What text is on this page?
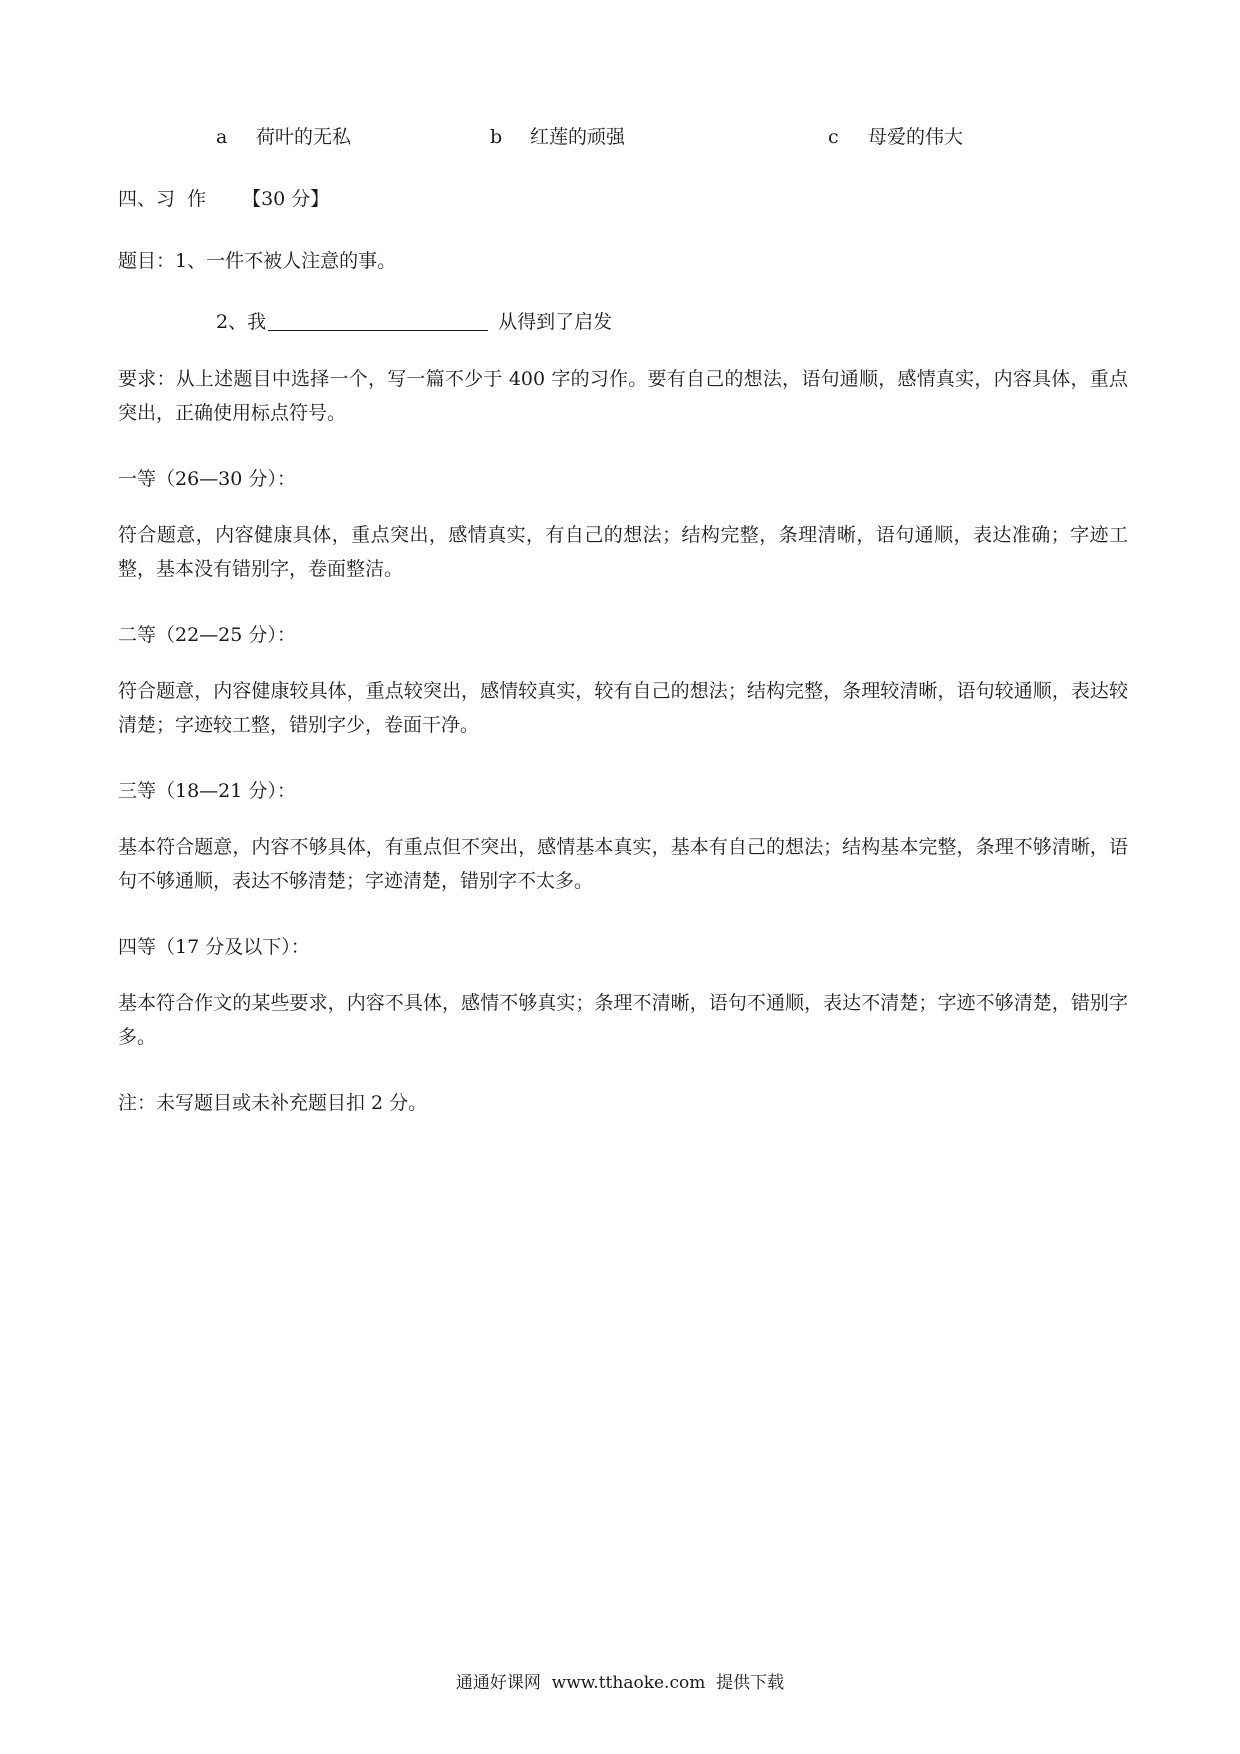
a 荷叶的无私	b 红莲的顽强	c 母爱的伟大
四、习  作 【30 分】
题目：1、一件不被人注意的事。
2、我	从得到了启发
要求：从上述题目中选择一个，写一篇不少于 400 字的习作。要有自己的想法，语句通顺，感情真实，内容具体，重点突出，正确使用标点符号。
一等（26—30 分）：
符合题意，内容健康具体，重点突出，感情真实，有自己的想法；结构完整，条理清晰，语句通顺，表达准确；字迹工整，基本没有错别字，卷面整洁。
二等（22—25 分）：
符合题意，内容健康较具体，重点较突出，感情较真实，较有自己的想法；结构完整，条理较清晰，语句较通顺，表达较清楚；字迹较工整，错别字少，卷面干净。
三等（18—21 分）：
基本符合题意，内容不够具体，有重点但不突出，感情基本真实，基本有自己的想法；结构基本完整，条理不够清晰，语句不够通顺，表达不够清楚；字迹清楚，错别字不太多。
四等（17 分及以下）：
基本符合作文的某些要求，内容不具体，感情不够真实；条理不清晰，语句不通顺，表达不清楚；字迹不够清楚，错别字多。
注：未写题目或未补充题目扣 2 分。
通通好课网  www.tthaoke.com  提供下载
